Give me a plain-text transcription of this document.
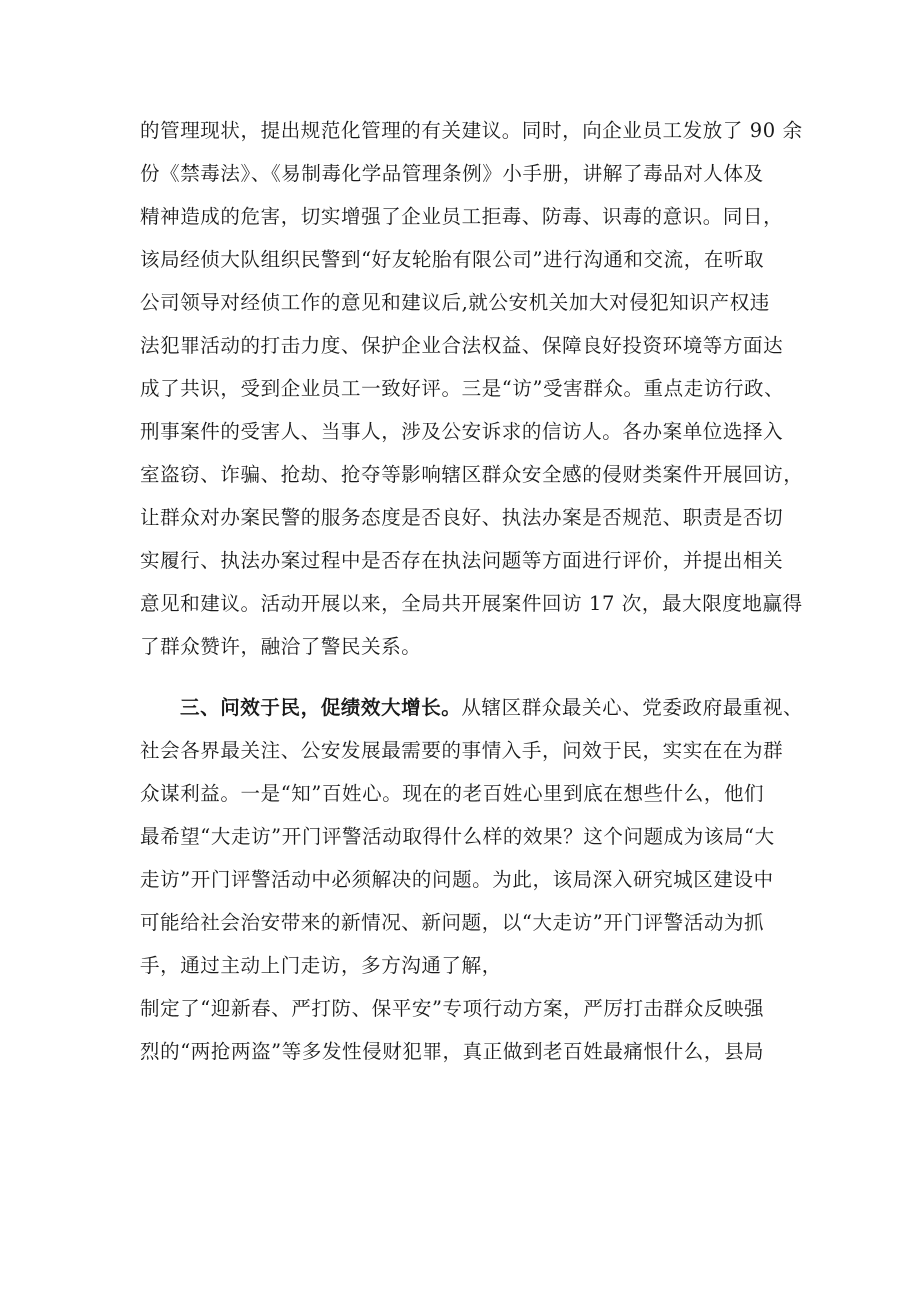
的管理现状，提出规范化管理的有关建议。同时，向企业员工发放了 90 余
份《禁毒法》、《易制毒化学品管理条例》小手册，讲解了毒品对人体及
精神造成的危害，切实增强了企业员工拒毒、防毒、识毒的意识。同日，
该局经侦大队组织民警到“好友轮胎有限公司”进行沟通和交流，在听取
公司领导对经侦工作的意见和建议后,就公安机关加大对侵犯知识产权违
法犯罪活动的打击力度、保护企业合法权益、保障良好投资环境等方面达
成了共识，受到企业员工一致好评。三是“访”受害群众。重点走访行政、
刑事案件的受害人、当事人，涉及公安诉求的信访人。各办案单位选择入
室盗窃、诈骗、抢劫、抢夺等影响辖区群众安全感的侵财类案件开展回访，
让群众对办案民警的服务态度是否良好、执法办案是否规范、职责是否切
实履行、执法办案过程中是否存在执法问题等方面进行评价，并提出相关
意见和建议。活动开展以来，全局共开展案件回访 17 次，最大限度地赢得
了群众赞许，融洽了警民关系。
三、问效于民，促绩效大增长。从辖区群众最关心、党委政府最重视、
社会各界最关注、公安发展最需要的事情入手，问效于民，实实在在为群
众谋利益。一是“知”百姓心。现在的老百姓心里到底在想些什么，他们
最希望“大走访”开门评警活动取得什么样的效果？这个问题成为该局“大
走访”开门评警活动中必须解决的问题。为此，该局深入研究城区建设中
可能给社会治安带来的新情况、新问题，以“大走访”开门评警活动为抓
手，通过主动上门走访，多方沟通了解，
制定了“迎新春、严打防、保平安”专项行动方案，严厉打击群众反映强
烈的“两抢两盗”等多发性侵财犯罪，真正做到老百姓最痛恨什么，县局
